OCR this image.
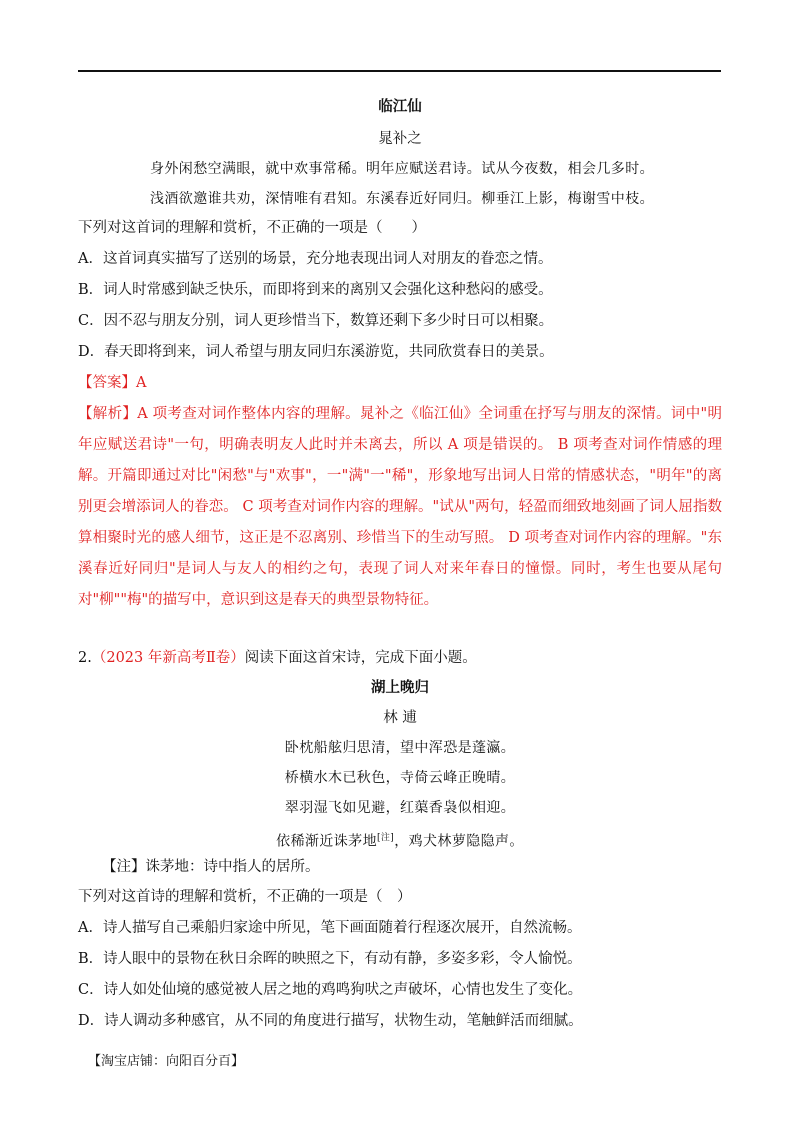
临江仙
晁补之
身外闲愁空满眼，就中欢事常稀。明年应赋送君诗。试从今夜数，相会几多时。
浅酒欲邀谁共劝，深情唯有君知。东溪春近好同归。柳垂江上影，梅谢雪中枝。
下列对这首词的理解和赏析，不正确的一项是（　　）
A．这首词真实描写了送别的场景，充分地表现出词人对朋友的眷恋之情。
B．词人时常感到缺乏快乐，而即将到来的离别又会强化这种愁闷的感受。
C．因不忍与朋友分别，词人更珍惜当下，数算还剩下多少时日可以相聚。
D．春天即将到来，词人希望与朋友同归东溪游览，共同欣赏春日的美景。
【答案】A
【解析】A 项考查对词作整体内容的理解。晁补之《临江仙》全词重在抒写与朋友的深情。词中"明年应赋送君诗"一句，明确表明友人此时并未离去，所以 A 项是错误的。 B 项考查对词作情感的理解。开篇即通过对比"闲愁"与"欢事"，一"满"一"稀"，形象地写出词人日常的情感状态，"明年"的离别更会增添词人的眷恋。 C 项考查对词作内容的理解。"试从"两句，轻盈而细致地刻画了词人屈指数算相聚时光的感人细节，这正是不忍离别、珍惜当下的生动写照。 D 项考查对词作内容的理解。"东溪春近好同归"是词人与友人的相约之句，表现了词人对来年春日的憧憬。同时，考生也要从尾句对"柳""梅"的描写中，意识到这是春天的典型景物特征。
2.（2023 年新高考Ⅱ卷）阅读下面这首宋诗，完成下面小题。
湖上晚归
林 逋
卧枕船舷归思清，望中浑恐是蓬瀛。
桥横水木已秋色，寺倚云峰正晚晴。
翠羽湿飞如见避，红蕖香袅似相迎。
依稀渐近诛茅地[注]，鸡犬林萝隐隐声。
【注】诛茅地：诗中指人的居所。
下列对这首诗的理解和赏析，不正确的一项是（　）
A．诗人描写自己乘船归家途中所见，笔下画面随着行程逐次展开，自然流畅。
B．诗人眼中的景物在秋日余晖的映照之下，有动有静，多姿多彩，令人愉悦。
C．诗人如处仙境的感觉被人居之地的鸡鸣狗吠之声破坏，心情也发生了变化。
D．诗人调动多种感官，从不同的角度进行描写，状物生动，笔触鲜活而细腻。
【淘宝店铺：向阳百分百】
